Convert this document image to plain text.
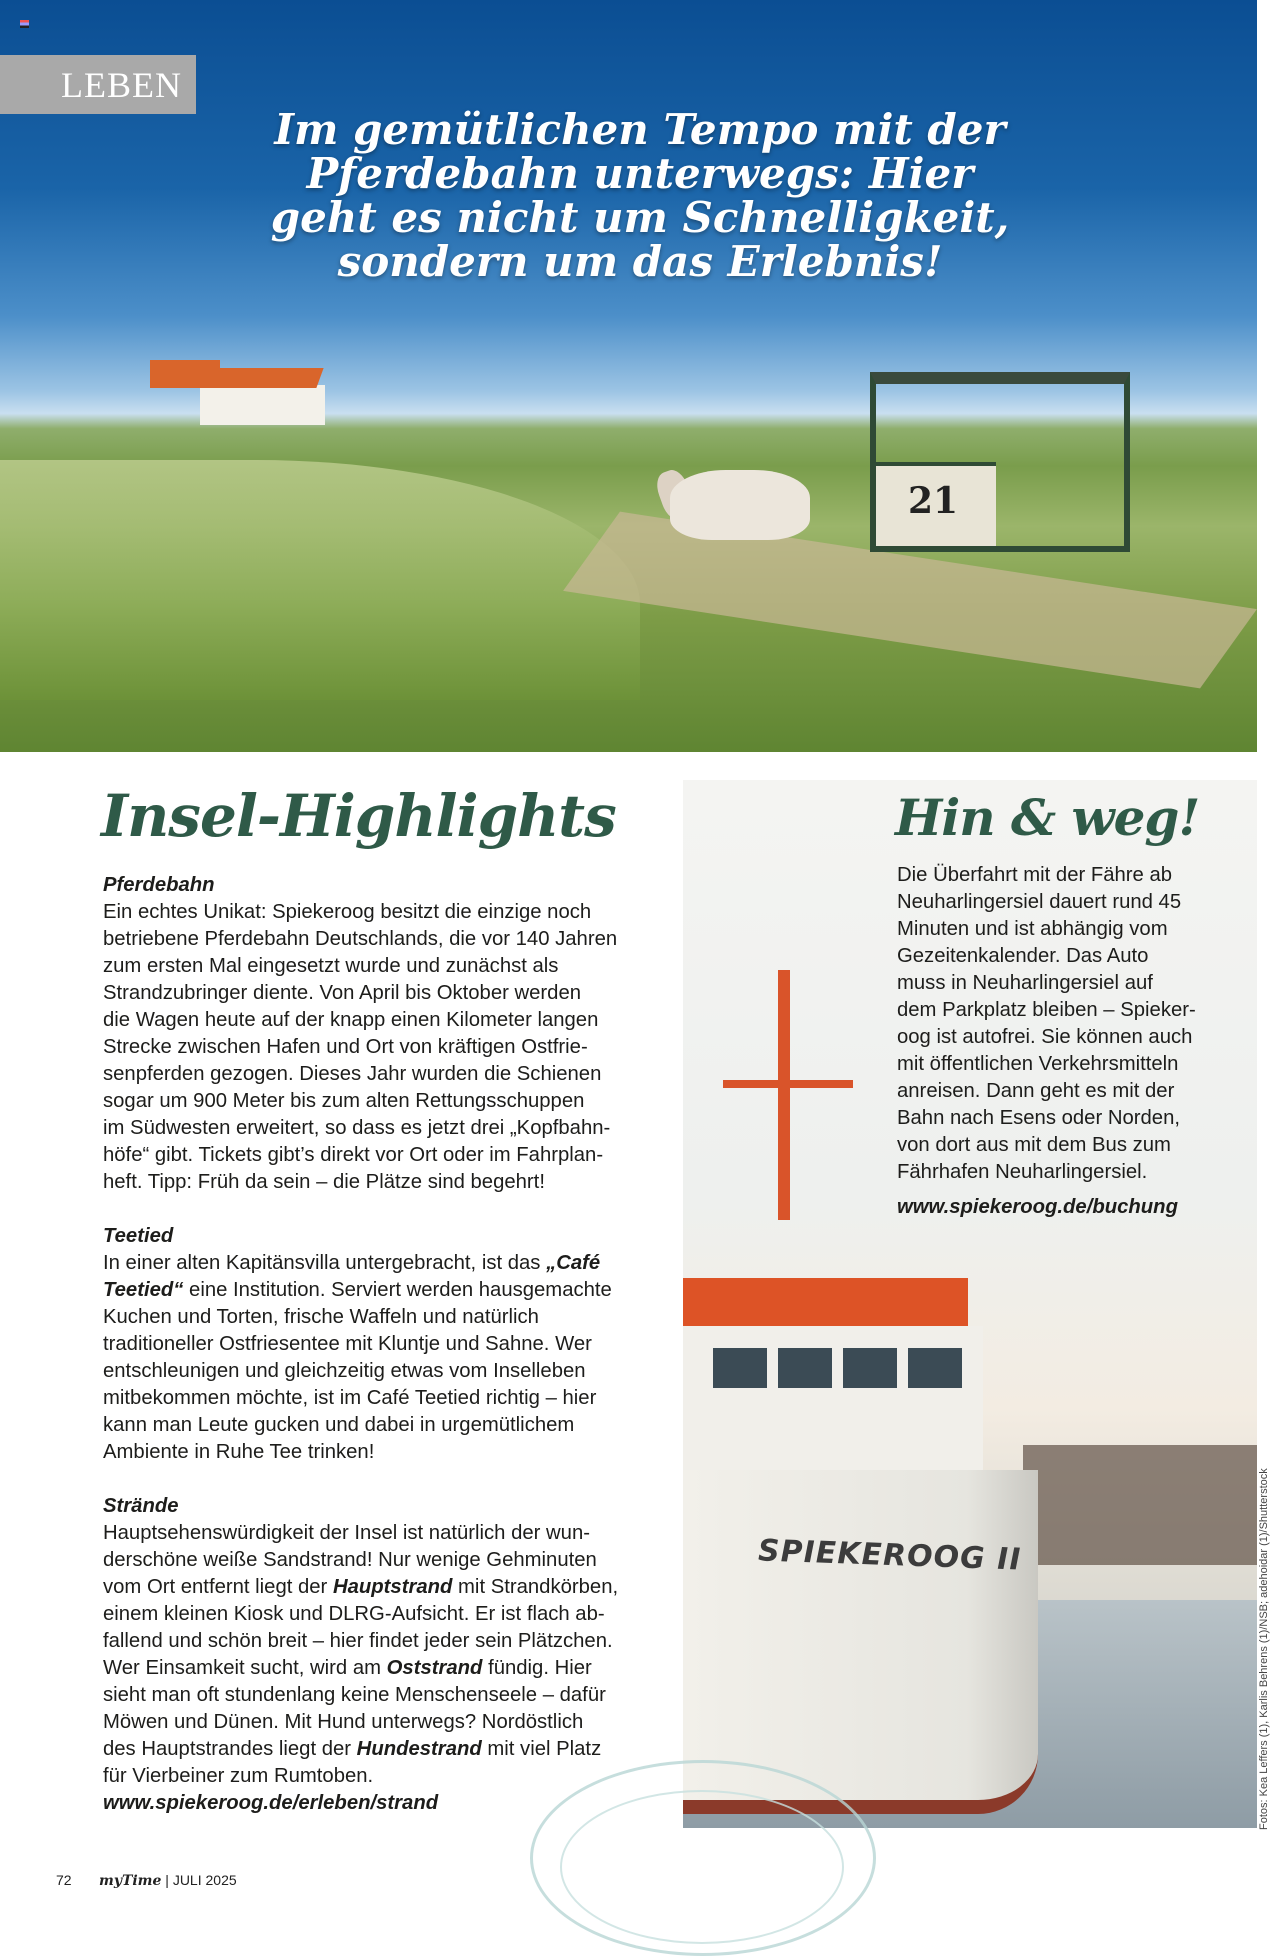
21
Im gemütlichen Tempo mit der
Pferdebahn unterwegs: Hier
geht es nicht um Schnelligkeit,
sondern um das Erlebnis!
LEBEN
Insel-Highlights
Pferdebahn
Ein echtes Unikat: Spiekeroog besitzt die einzige noch
betriebene Pferdebahn Deutschlands, die vor 140 Jahren
zum ersten Mal eingesetzt wurde und zunächst als
Strandzubringer diente. Von April bis Oktober werden
die Wagen heute auf der knapp einen Kilometer langen
Strecke zwischen Hafen und Ort von kräftigen Ostfrie-
senpferden gezogen. Dieses Jahr wurden die Schienen
sogar um 900 Meter bis zum alten Rettungsschuppen
im Südwesten erweitert, so dass es jetzt drei „Kopfbahn-
höfe“ gibt. Tickets gibt’s direkt vor Ort oder im Fahrplan-
heft. Tipp: Früh da sein – die Plätze sind begehrt!
Teetied
In einer alten Kapitänsvilla untergebracht, ist das „Café
Teetied“ eine Institution. Serviert werden hausgemachte
Kuchen und Torten, frische Waffeln und natürlich
traditioneller Ostfriesentee mit Kluntje und Sahne. Wer
entschleunigen und gleichzeitig etwas vom Inselleben
mitbekommen möchte, ist im Café Teetied richtig – hier
kann man Leute gucken und dabei in urgemütlichem
Ambiente in Ruhe Tee trinken!
Strände
Hauptsehenswürdigkeit der Insel ist natürlich der wun-
derschöne weiße Sandstrand! Nur wenige Gehminuten
vom Ort entfernt liegt der Hauptstrand mit Strandkörben,
einem kleinen Kiosk und DLRG-Aufsicht. Er ist flach ab-
fallend und schön breit – hier findet jeder sein Plätzchen.
Wer Einsamkeit sucht, wird am Oststrand fündig. Hier
sieht man oft stundenlang keine Menschenseele – dafür
Möwen und Dünen. Mit Hund unterwegs? Nordöstlich
des Hauptstrandes liegt der Hundestrand mit viel Platz
für Vierbeiner zum Rumtoben.
www.spiekeroog.de/erleben/strand
SPIEKEROOG II
Hin & weg!
Die Überfahrt mit der Fähre ab
Neuharlingersiel dauert rund 45
Minuten und ist abhängig vom
Gezeitenkalender. Das Auto
muss in Neuharlingersiel auf
dem Parkplatz bleiben – Spieker-
oog ist autofrei. Sie können auch
mit öffentlichen Verkehrsmitteln
anreisen. Dann geht es mit der
Bahn nach Esens oder Norden,
von dort aus mit dem Bus zum
Fährhafen Neuharlingersiel.
www.spiekeroog.de/buchung
72 myTime | JULI 2025
Fotos: Kea Leffers (1), Karlis Behrens (1)/NSB; adehoidar (1)/Shutterstock
